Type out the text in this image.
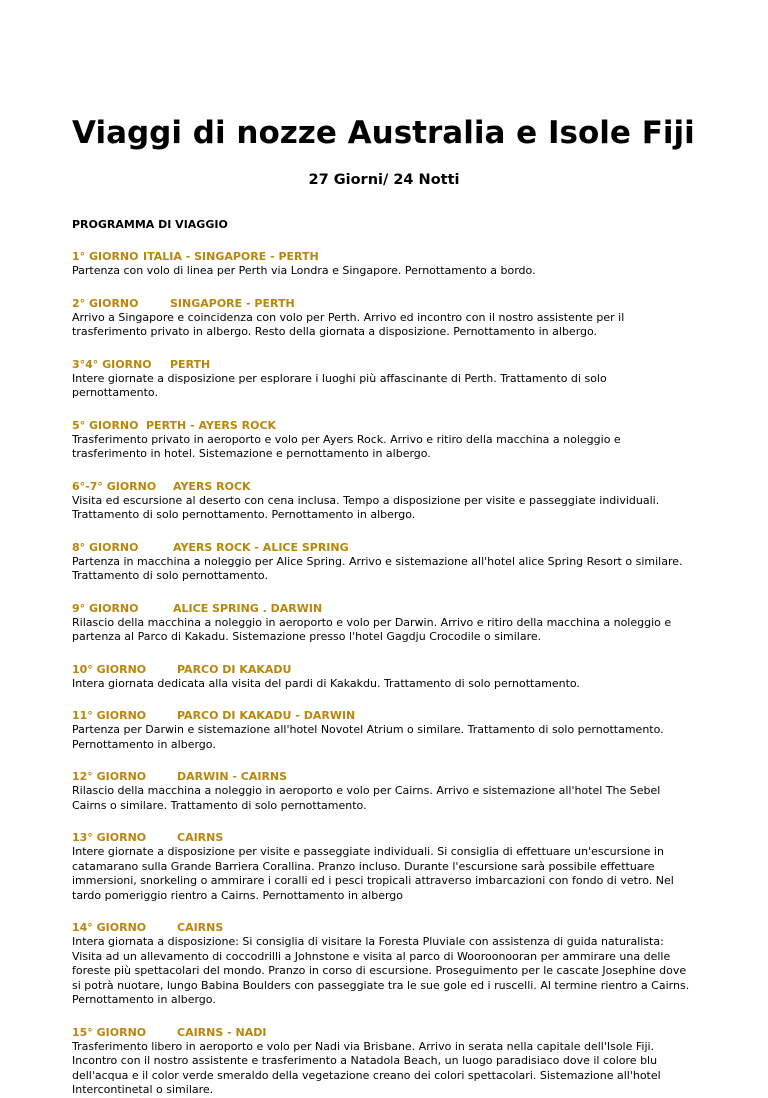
Viaggi di nozze Australia e Isole Fiji
27 Giorni/ 24 Notti
PROGRAMMA DI VIAGGIO
1° GIORNO ITALIA - SINGAPORE - PERTH

Partenza con volo di linea per Perth via Londra e Singapore. Pernottamento a bordo.

2° GIORNO	SINGAPORE - PERTH

Arrivo a Singapore e coincidenza con volo per Perth. Arrivo ed incontro con il nostro assistente per il trasferimento privato in albergo. Resto della giornata a disposizione. Pernottamento in albergo.

3°4° GIORNO PERTH

Intere giornate a disposizione per esplorare i luoghi più affascinante di Perth. Trattamento di solo pernottamento.

5° GIORNO PERTH - AYERS ROCK

Trasferimento privato in aeroporto e volo per Ayers Rock. Arrivo e ritiro della macchina a noleggio e trasferimento in hotel. Sistemazione e pernottamento in albergo.

6°-7° GIORNO AYERS ROCK

Visita ed escursione al deserto con cena inclusa. Tempo a disposizione per visite e passeggiate individuali. Trattamento di solo pernottamento. Pernottamento in albergo.

8° GIORNO	AYERS ROCK - ALICE SPRING

Partenza in macchina a noleggio per Alice Spring. Arrivo e sistemazione all'hotel alice Spring Resort o similare. Trattamento di solo pernottamento.

9° GIORNO	ALICE SPRING . DARWIN

Rilascio della macchina a noleggio in aeroporto e volo per Darwin. Arrivo e ritiro della macchina a noleggio e partenza al Parco di Kakadu. Sistemazione presso l'hotel Gagdju Crocodile o similare.

10° GIORNO	PARCO DI KAKADU

Intera giornata dedicata alla visita del pardi di Kakakdu. Trattamento di solo pernottamento.

11° GIORNO	PARCO DI KAKADU - DARWIN

Partenza per Darwin e sistemazione all'hotel Novotel Atrium o similare. Trattamento di solo pernottamento. Pernottamento in albergo.

12° GIORNO	DARWIN - CAIRNS

Rilascio della macchina a noleggio in aeroporto e volo per Cairns. Arrivo e sistemazione all'hotel The Sebel Cairns o similare. Trattamento di solo pernottamento.

13° GIORNO	CAIRNS

Intere giornate a disposizione per visite e passeggiate individuali. Si consiglia di effettuare un'escursione in catamarano sulla Grande Barriera Corallina. Pranzo incluso. Durante l'escursione sarà possibile effettuare immersioni, snorkeling o ammirare i coralli ed i pesci tropicali attraverso imbarcazioni con fondo di vetro. Nel tardo pomeriggio rientro a Cairns. Pernottamento in albergo

14° GIORNO	CAIRNS

Intera giornata a disposizione: Si consiglia di visitare la Foresta Pluviale con assistenza di guida naturalista: Visita ad un allevamento di coccodrilli a Johnstone e visita al parco di Wooroonooran per ammirare una delle foreste più spettacolari del mondo. Pranzo in corso di escursione. Proseguimento per le cascate Josephine dove si potrà nuotare, lungo Babina Boulders con passeggiate tra le sue gole ed i ruscelli. Al termine rientro a Cairns. Pernottamento in albergo.

15° GIORNO	CAIRNS - NADI

Trasferimento libero in aeroporto e volo per Nadi via Brisbane. Arrivo in serata nella capitale dell'Isole Fiji. Incontro con il nostro assistente e trasferimento a Natadola Beach, un luogo paradisiaco dove il colore blu dell'acqua e il color verde smeraldo della vegetazione creano dei colori spettacolari. Sistemazione all'hotel Intercontinetal o similare.
